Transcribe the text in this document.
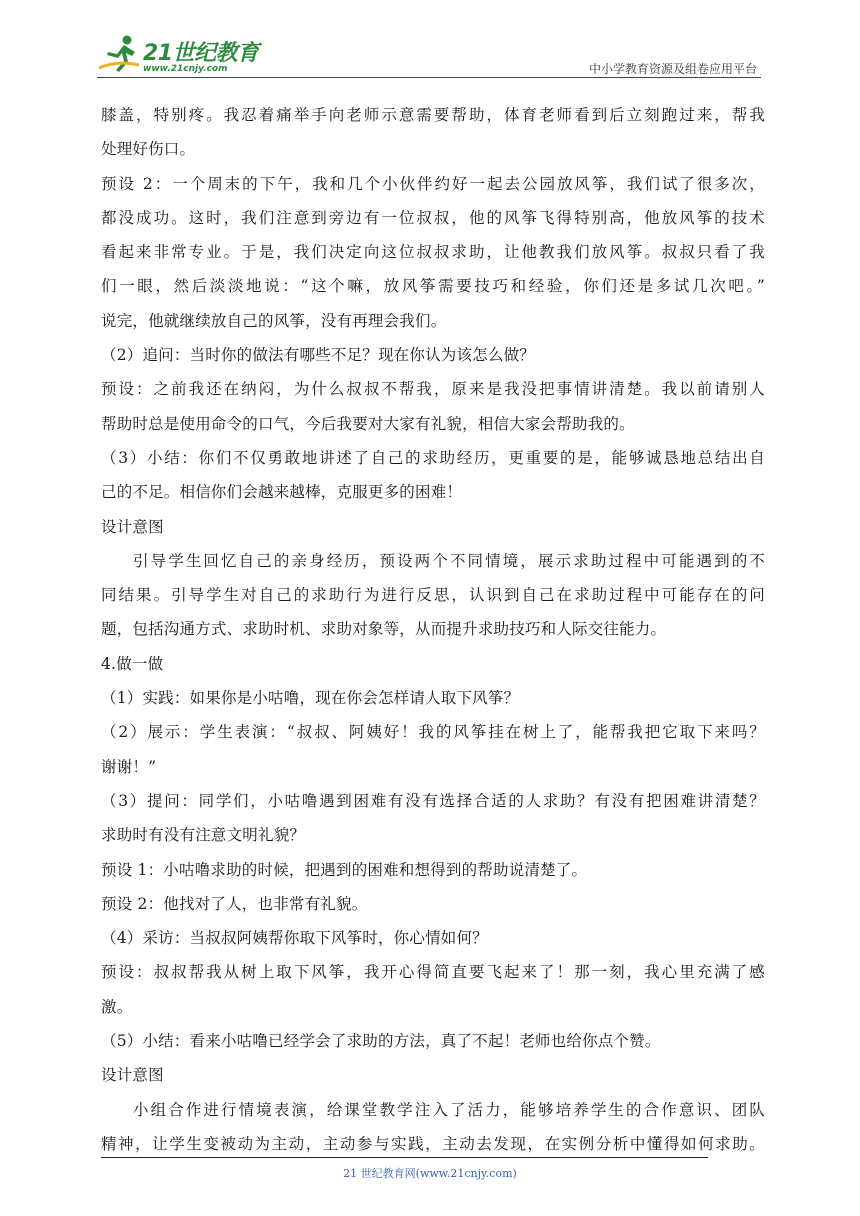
21世纪教育
www.21cnjy.com	中小学教育资源及组卷应用平台
膝盖，特别疼。我忍着痛举手向老师示意需要帮助，体育老师看到后立刻跑过来，帮我
处理好伤口。
预设 2：一个周末的下午，我和几个小伙伴约好一起去公园放风筝，我们试了很多次，
都没成功。这时，我们注意到旁边有一位叔叔，他的风筝飞得特别高，他放风筝的技术
看起来非常专业。于是，我们决定向这位叔叔求助，让他教我们放风筝。叔叔只看了我
们一眼，然后淡淡地说：“这个嘛，放风筝需要技巧和经验，你们还是多试几次吧。”
说完，他就继续放自己的风筝，没有再理会我们。
（2）追问：当时你的做法有哪些不足？现在你认为该怎么做？
预设：之前我还在纳闷，为什么叔叔不帮我，原来是我没把事情讲清楚。我以前请别人
帮助时总是使用命令的口气，今后我要对大家有礼貌，相信大家会帮助我的。
（3）小结：你们不仅勇敢地讲述了自己的求助经历，更重要的是，能够诚恳地总结出自
己的不足。相信你们会越来越棒，克服更多的困难！
设计意图
引导学生回忆自己的亲身经历，预设两个不同情境，展示求助过程中可能遇到的不
同结果。引导学生对自己的求助行为进行反思，认识到自己在求助过程中可能存在的问
题，包括沟通方式、求助时机、求助对象等，从而提升求助技巧和人际交往能力。
4.做一做
（1）实践：如果你是小咕噜，现在你会怎样请人取下风筝？
（2）展示：学生表演：“叔叔、阿姨好！我的风筝挂在树上了，能帮我把它取下来吗？
谢谢！”
（3）提问：同学们，小咕噜遇到困难有没有选择合适的人求助？有没有把困难讲清楚？
求助时有没有注意文明礼貌？
预设 1：小咕噜求助的时候，把遇到的困难和想得到的帮助说清楚了。
预设 2：他找对了人，也非常有礼貌。
（4）采访：当叔叔阿姨帮你取下风筝时，你心情如何？
预设：叔叔帮我从树上取下风筝，我开心得简直要飞起来了！那一刻，我心里充满了感
激。
（5）小结：看来小咕噜已经学会了求助的方法，真了不起！老师也给你点个赞。
设计意图
小组合作进行情境表演，给课堂教学注入了活力，能够培养学生的合作意识、团队
精神，让学生变被动为主动，主动参与实践，主动去发现，在实例分析中懂得如何求助。
21 世纪教育网(www.21cnjy.com)
